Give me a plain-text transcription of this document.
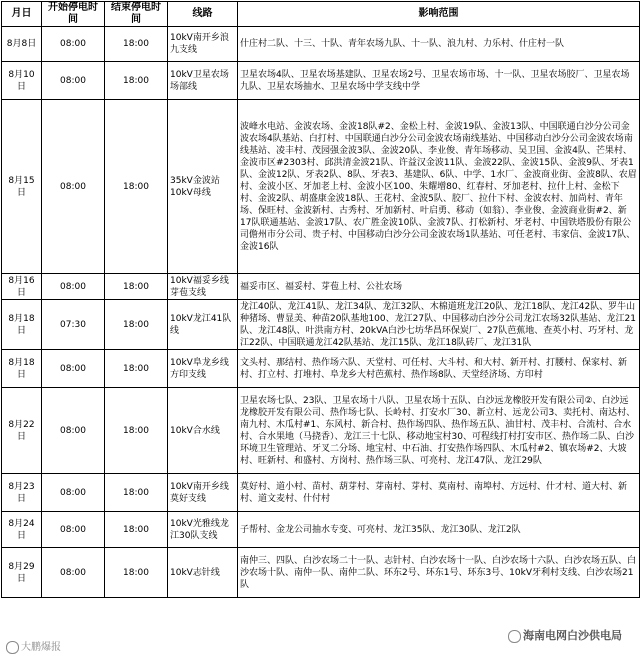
月日	开始停电时间	结束停电时间	线路	影响范围
8月8日	08:00	18:00	10kV南开乡浪九支线	什庄村二队、十三、十队、青年农场九队、十一队、浪九村、力乐村、什庄村一队
8月10日	08:00	18:00	10kV卫星农场场部线	卫星农场4队、卫星农场基建队、卫星农场2号、卫星农场市场、十一队、卫星农场胶厂、卫星农场九队、卫星农场抽水、卫星农场中学支线中学
8月15日	08:00	18:00	35kV金波站10kV母线	波峰水电站、金波农场、金波18队#2、金松上村、金波19队、金波13队、中国联通白沙分公司金波农场4队基站、白打村、中国联通白沙分公司金波农场南线基站、中国移动白沙分公司金波农场南线基站、凌丰村、茂园强金波3队、金波20队、李业俊、青年场移动、吴卫国、金波4队、芒果村、金波市区#2303村、邱洪清金波21队、许益汉金波11队、金波22队、金波15队、金波9队、牙表1队、金波12队、牙表2队、8队、牙表3、基建队、6队、中学、1水厂、金波商业街、金波8队、农眉村、金波小区、牙加老上村、金波小区100、朱耀增80、红春村、牙加老村、拉什上村、金松下村、金波2队、胡盛康金波18队、王花村、金波5队、胶厂、拉什下村、金波农村、加尚村、青年场、保旺村、金波新村、古秀村、牙加新村、叶启勇、移动（如翁）、李业俊、金波商业街#2、新17队联通基站、金波17队、农广胜金波10队、金波7队、打松新村、牙老村、中国铁塔股份有限公司儋州市分公司、贵子村、中国移动白沙分公司金波农场1队基站、可任老村、韦家信、金波17队、金波16队
8月16日	08:00	18:00	10kV福妥乡线芽苞支线	福妥市区、福妥村、芽苞上村、公社农场
8月18日	07:30	18:00	10kV龙江41队线	龙江40队、龙江41队、龙江34队、龙江32队、木棉道班龙江20队、龙江18队、龙江42队、罗牛山种猪场、曹显美、种苗20队基地100、龙江27队、中国移动白沙分公司龙江农场32队基站、龙江21队、龙江48队、叶洪南方村、20kVA白沙七坊华昌环保炭厂、27队芭蕉地、查英小村、巧牙村、龙江22队、中国联通龙江42队基站、龙江15队、龙江18队砖厂、龙江31队
8月18日	08:00	18:00	10kV阜龙乡线方印支线	文头村、那结村、热作场六队、天堂村、可任村、大斗村、和大村、新开村、打腰村、保家村、新村、打立村、打堆村、阜龙乡大村芭蕉村、热作场8队、天堂经济场、方印村
8月22日	08:00	18:00	10kV合水线	卫星农场七队、23队、卫星农场十八队、卫星农场十五队、白沙远龙橡胶开发有限公司②、白沙远龙橡胶开发有限公司、热作场七队、长岭村、打安水厂30、新立村、远龙公司3、卖托村、南达村、南九村、木瓜村#1、东风村、新合村、热作场四队、热作场五队、油甘村、茂丰村、合流村、合水村、合水果地（马挠香）、龙江三十七队、移动地宝村30、可程线打村打安市区、热作场二队、白沙环境卫生管理站、牙叉二分场、地宝村、中石油、打安热作场四队、木瓜村#2、镇农场#2、大坡村、旺新村、和盛村、方岗村、热作场三队、可亮村、龙江47队、龙江29队
8月23日	08:00	18:00	10kV南开乡线莫好支线	莫好村、道小村、苗村、葫芽村、芽南村、芽村、莫南村、南埠村、方远村、什才村、道大村、新村、道文麦村、什付村
8月24日	08:00	18:00	10kV光雅线龙江30队支线	子帮村、金龙公司抽水专变、可亮村、龙江35队、龙江30队、龙江2队
8月29日	08:00	18:00	10kV志针线	南仲三、四队、白沙农场二十一队、志针村、白沙农场十一队、白沙农场十六队、白沙农场五队、白沙农场十队、南仲一队、南仲二队、环东2号、环东1号、环东3号、10kV牙利村支线、白沙农场21队
大鹏爆报
海南电网白沙供电局
